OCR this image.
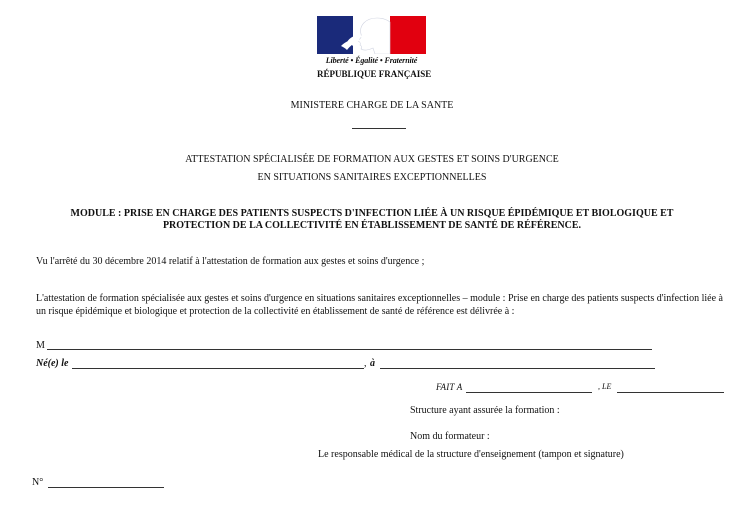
Liberté • Égalité • Fraternité
RÉPUBLIQUE FRANÇAISE
MINISTERE CHARGE DE LA SANTE
ATTESTATION SPÉCIALISÉE DE FORMATION AUX GESTES ET SOINS D'URGENCE
EN SITUATIONS SANITAIRES EXCEPTIONNELLES
MODULE : PRISE EN CHARGE DES PATIENTS SUSPECTS D'INFECTION LIÉE À UN RISQUE ÉPIDÉMIQUE ET BIOLOGIQUE ET
PROTECTION DE LA COLLECTIVITÉ EN ÉTABLISSEMENT DE SANTÉ DE RÉFÉRENCE.
Vu l'arrêté du 30 décembre 2014 relatif à l'attestation de formation aux gestes et soins d'urgence ;
L'attestation de formation spécialisée aux gestes et soins d'urgence en situations sanitaires exceptionnelles – module : Prise en charge des patients suspects d'infection liée à un risque épidémique et biologique et protection de la collectivité en établissement de santé de référence est délivrée à :
M
Né(e) le	, à
FAIT A	, LE
Structure ayant assurée la formation :
Nom du formateur :
Le responsable médical de la structure d'enseignement (tampon et signature)
N°
